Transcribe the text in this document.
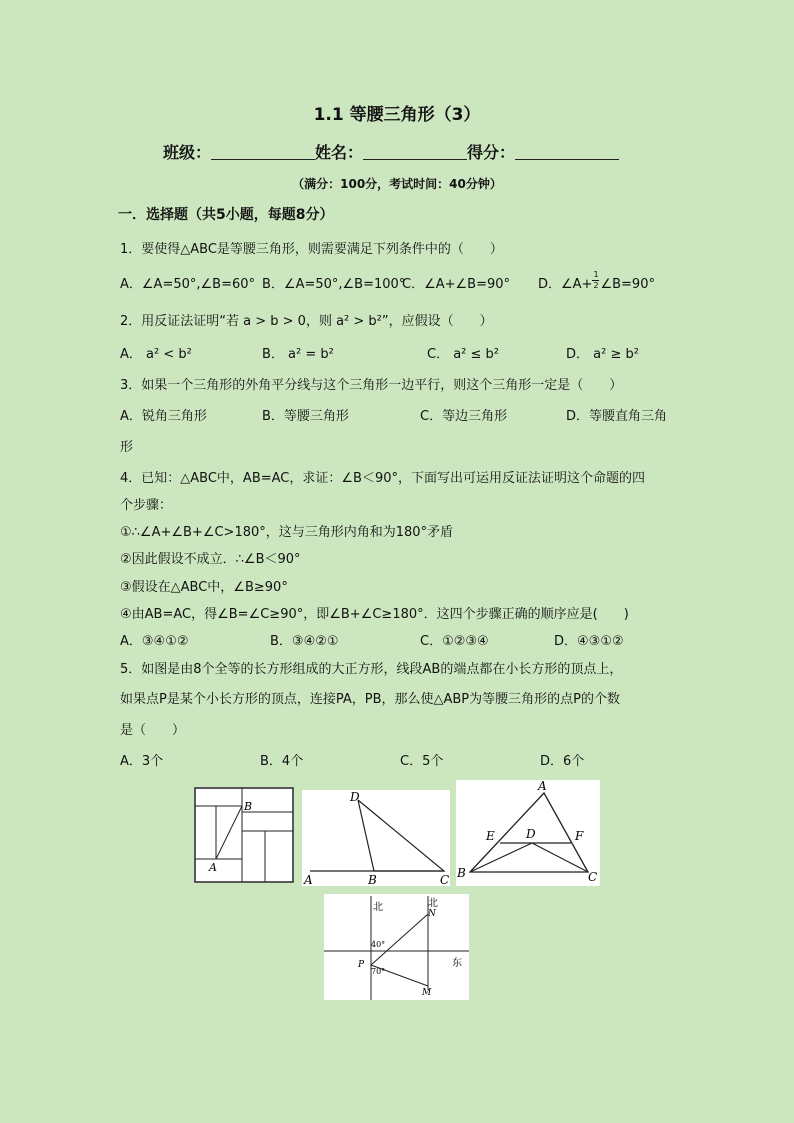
1.1 等腰三角形（3）
班级：	姓名：	得分：
（满分：100分，考试时间：40分钟）
一．选择题（共5小题，每题8分）
1．要使得△ABC是等腰三角形，则需要满足下列条件中的（　　）
A．∠A=50°,∠B=60° B．∠A=50°,∠B=100°
C．∠A+∠B=90° D．∠A+ $\frac{1}{2}$ ∠B=90°
2．用反证法证明“若 a > b > 0，则 a² > b²”，应假设（　　）
A． a² < b²	B． a² = b²	C． a² ≤ b²	D． a² ≥ b²
3．如果一个三角形的外角平分线与这个三角形一边平行，则这个三角形一定是（　　）
A．锐角三角形	B．等腰三角形	C．等边三角形	D．等腰直角三角
形
4．已知：△ABC中，AB=AC，求证：∠B＜90°，下面写出可运用反证法证明这个命题的四
个步骤：
①∴∠A+∠B+∠C>180°，这与三角形内角和为180°矛盾
②因此假设不成立．∴∠B＜90°
③假设在△ABC中，∠B≥90°
④由AB=AC，得∠B=∠C≥90°，即∠B+∠C≥180°．这四个步骤正确的顺序应是(　　)
A．③④①②	B．③④②①	C．①②③④	D．④③①②
5．如图是由8个全等的长方形组成的大正方形，线段AB的端点都在小长方形的顶点上，
如果点P是某个小长方形的顶点，连接PA，PB，那么使△ABP为等腰三角形的点P的个数
是（　　）
A．3个	B．4个	C．5个	D．6个
B
A
D
A	B	C
A
E	D	F
B	C
北	北
N
40°
P
70°
东
M
